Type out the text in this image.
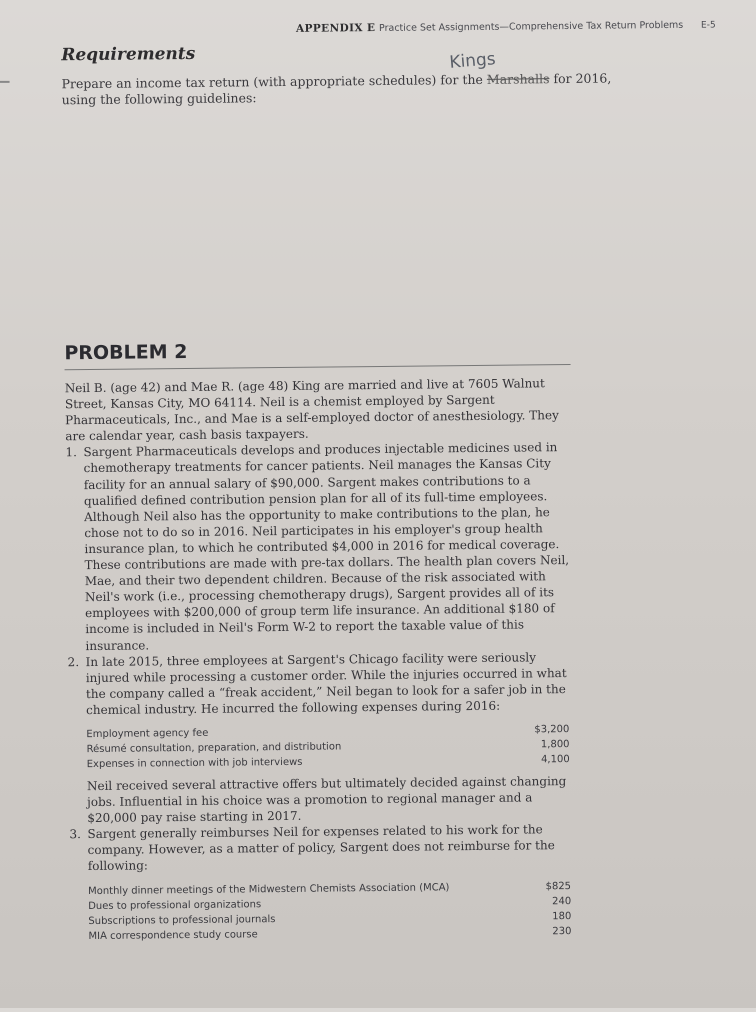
APPENDIX E Practice Set Assignments—Comprehensive Tax Return Problems E-5
Requirements	Kings
Prepare an income tax return (with appropriate schedules) for the Marshalls for 2016, using the following guidelines:
PROBLEM 2

Neil B. (age 42) and Mae R. (age 48) King are married and live at 7605 Walnut Street, Kansas City, MO 64114. Neil is a chemist employed by Sargent Pharmaceuticals, Inc., and Mae is a self-employed doctor of anesthesiology. They are calendar year, cash basis taxpayers.

1. Sargent Pharmaceuticals develops and produces injectable medicines used in chemotherapy treatments for cancer patients. Neil manages the Kansas City facility for an annual salary of $90,000. Sargent makes contributions to a qualified defined contribution pension plan for all of its full-time employees. Although Neil also has the opportunity to make contributions to the plan, he chose not to do so in 2016. Neil participates in his employer's group health insurance plan, to which he contributed $4,000 in 2016 for medical coverage. These contributions are made with pre-tax dollars. The health plan covers Neil, Mae, and their two dependent children. Because of the risk associated with Neil's work (i.e., processing chemotherapy drugs), Sargent provides all of its employees with $200,000 of group term life insurance. An additional $180 of income is included in Neil's Form W-2 to report the taxable value of this insurance.

2. In late 2015, three employees at Sargent's Chicago facility were seriously injured while processing a customer order. While the injuries occurred in what the company called a “freak accident,” Neil began to look for a safer job in the chemical industry. He incurred the following expenses during 2016:

Employment agency fee	$3,200
Résumé consultation, preparation, and distribution	1,800
Expenses in connection with job interviews	4,100

Neil received several attractive offers but ultimately decided against changing jobs. Influential in his choice was a promotion to regional manager and a $20,000 pay raise starting in 2017.

3. Sargent generally reimburses Neil for expenses related to his work for the company. However, as a matter of policy, Sargent does not reimburse for the following:

Monthly dinner meetings of the Midwestern Chemists Association (MCA)	$825
Dues to professional organizations	240
Subscriptions to professional journals	180
MIA correspondence study course	230
